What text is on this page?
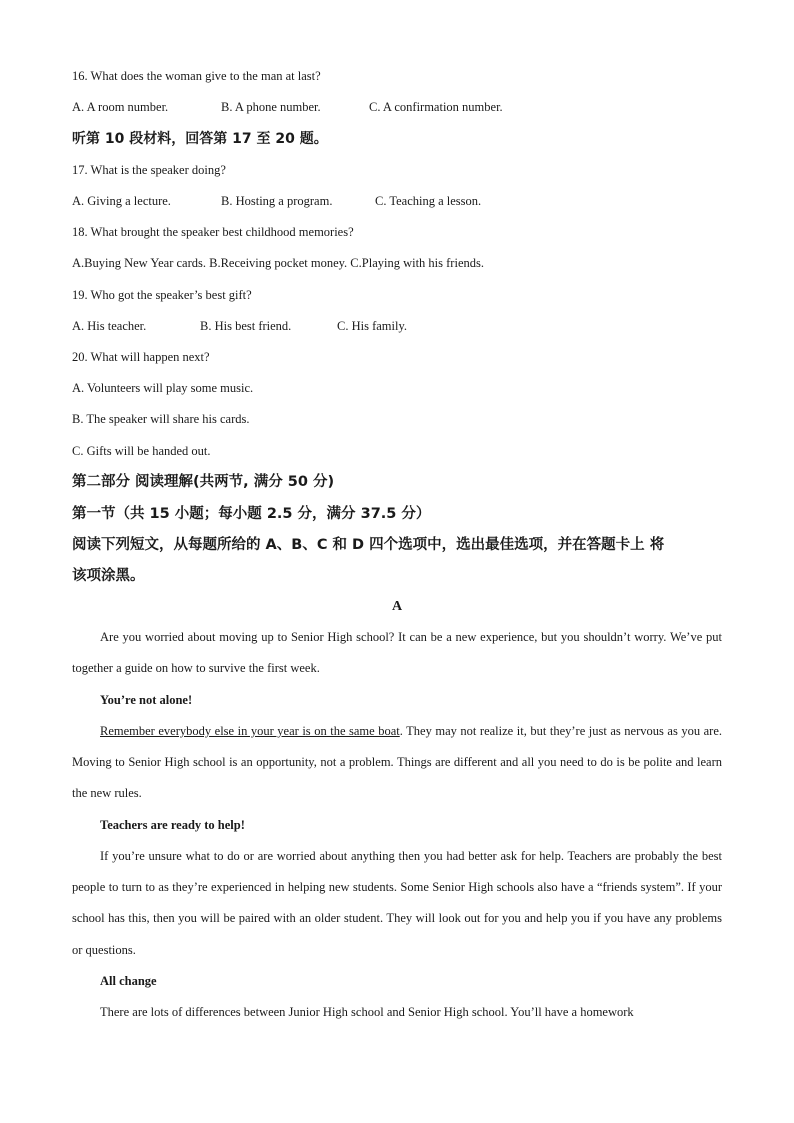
16. What does the woman give to the man at last?
A. A room number.	B. A phone number.	C. A confirmation number.
听第 10 段材料，回答第 17 至 20 题。
17. What is the speaker doing?
A. Giving a lecture.	B. Hosting a program.	C. Teaching a lesson.
18. What brought the speaker best childhood memories?
A.Buying New Year cards. B.Receiving pocket money. C.Playing with his friends.
19. Who got the speaker’s best gift?
A. His teacher.	B. His best friend.	C. His family.
20. What will happen next?
A. Volunteers will play some music.
B. The speaker will share his cards.
C. Gifts will be handed out.
第二部分 阅读理解(共两节, 满分 50 分)
第一节（共 15 小题；每小题 2.5 分，满分 37.5 分）
阅读下列短文，从每题所给的 A、B、C 和 D 四个选项中，选出最佳选项，并在答题卡上 将
该项涂黑。
A
Are you worried about moving up to Senior High school? It can be a new experience, but you shouldn’t worry. We’ve put together a guide on how to survive the first week.
You’re not alone!
Remember everybody else in your year is on the same boat. They may not realize it, but they’re just as nervous as you are. Moving to Senior High school is an opportunity, not a problem. Things are different and all you need to do is be polite and learn the new rules.
Teachers are ready to help!
If you’re unsure what to do or are worried about anything then you had better ask for help. Teachers are probably the best people to turn to as they’re experienced in helping new students. Some Senior High schools also have a “friends system”. If your school has this, then you will be paired with an older student. They will look out for you and help you if you have any problems or questions.
All change
There are lots of differences between Junior High school and Senior High school. You’ll have a homework
